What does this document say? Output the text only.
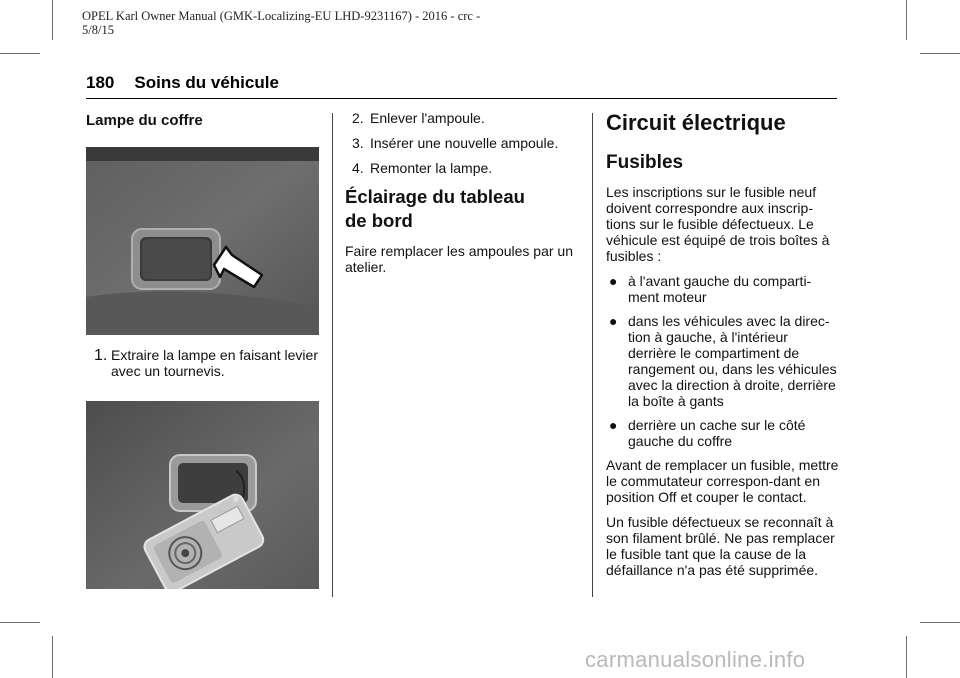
OPEL Karl Owner Manual (GMK-Localizing-EU LHD-9231167) - 2016 - crc - 5/8/15
180 Soins du véhicule
Lampe du coffre
1. Extraire la lampe en faisant levier avec un tournevis.
2. Enlever l'ampoule.
3. Insérer une nouvelle ampoule.
4. Remonter la lampe.
Éclairage du tableau
de bord

Faire remplacer les ampoules par un atelier.

Circuit électrique
Fusibles

Les inscriptions sur le fusible neuf doivent correspondre aux inscrip-tions sur le fusible défectueux. Le véhicule est équipé de trois boîtes à fusibles :

● à l'avant gauche du comparti-ment moteur
● dans les véhicules avec la direc-tion à gauche, à l'intérieur derrière le compartiment de rangement ou, dans les véhicules avec la direction à droite, derrière la boîte à gants
● derrière un cache sur le côté gauche du coffre

Avant de remplacer un fusible, mettre le commutateur correspon-dant en position Off et couper le contact.

Un fusible défectueux se reconnaît à son filament brûlé. Ne pas remplacer le fusible tant que la cause de la défaillance n'a pas été supprimée.

carmanualsonline.info
